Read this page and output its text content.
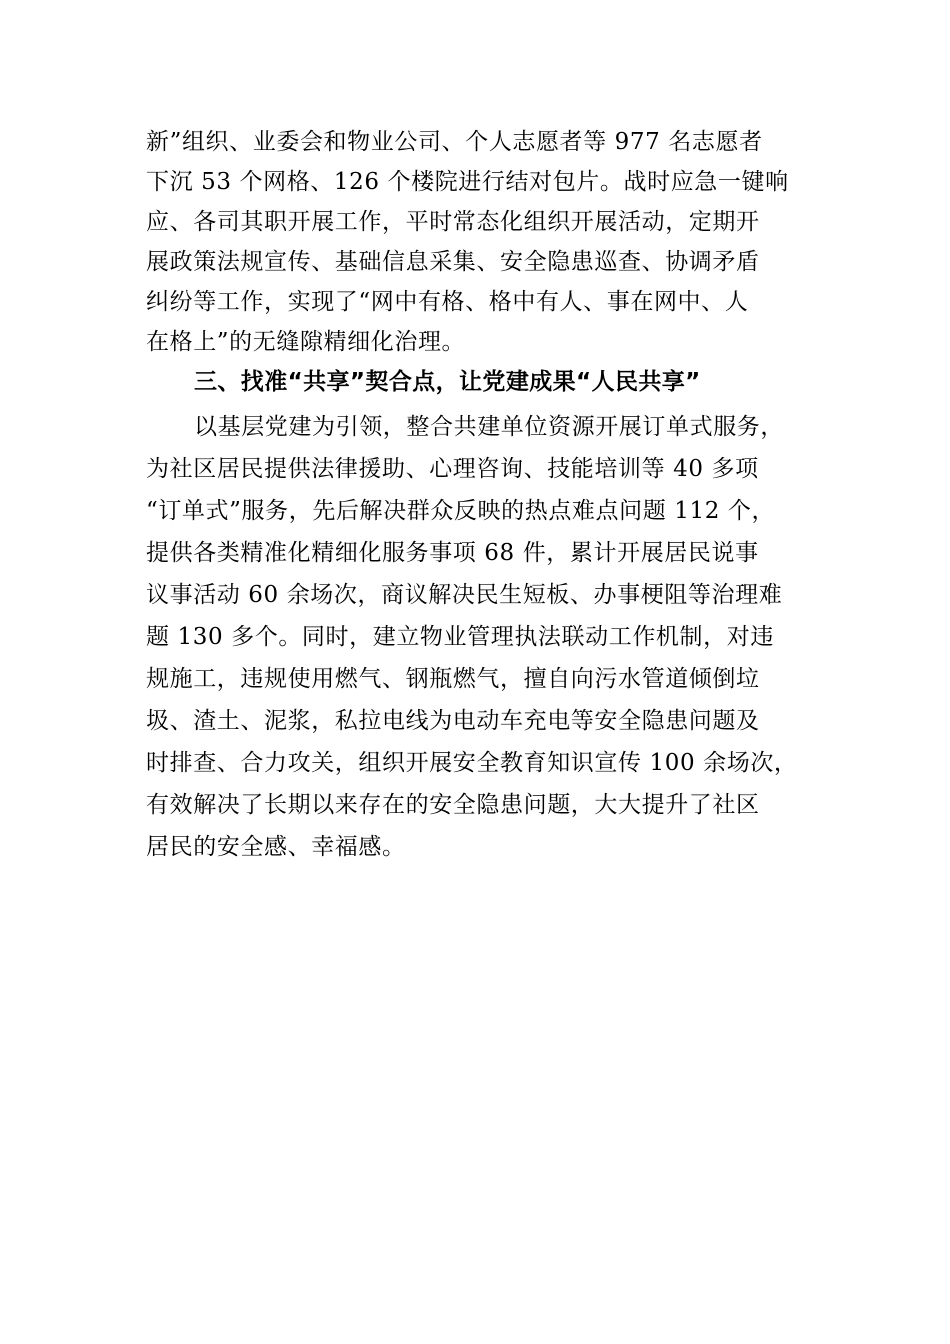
新”组织、业委会和物业公司、个人志愿者等 977 名志愿者
下沉 53 个网格、126 个楼院进行结对包片。战时应急一键响
应、各司其职开展工作，平时常态化组织开展活动，定期开
展政策法规宣传、基础信息采集、安全隐患巡查、协调矛盾
纠纷等工作，实现了“网中有格、格中有人、事在网中、人
在格上”的无缝隙精细化治理。
三、找准“共享”契合点，让党建成果“人民共享”
以基层党建为引领，整合共建单位资源开展订单式服务，
为社区居民提供法律援助、心理咨询、技能培训等 40 多项
“订单式”服务，先后解决群众反映的热点难点问题 112 个，
提供各类精准化精细化服务事项 68 件，累计开展居民说事
议事活动 60 余场次，商议解决民生短板、办事梗阻等治理难
题 130 多个。同时，建立物业管理执法联动工作机制，对违
规施工，违规使用燃气、钢瓶燃气，擅自向污水管道倾倒垃
圾、渣土、泥浆，私拉电线为电动车充电等安全隐患问题及
时排查、合力攻关，组织开展安全教育知识宣传 100 余场次，
有效解决了长期以来存在的安全隐患问题，大大提升了社区
居民的安全感、幸福感。
